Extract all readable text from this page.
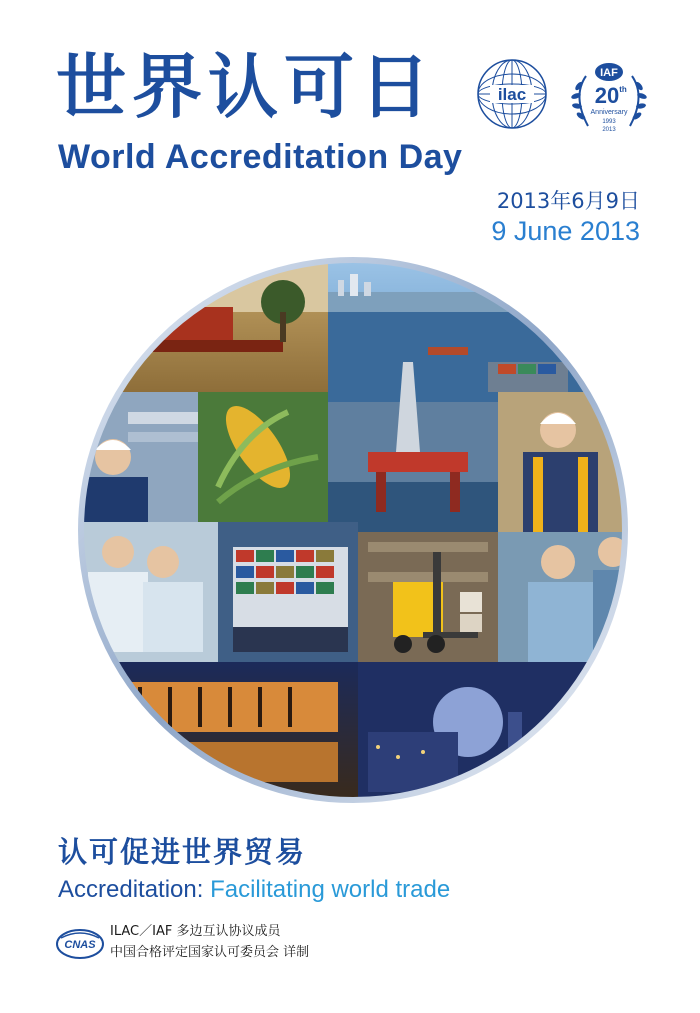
世界认可日
World Accreditation Day
ilac
IAF
20 th
Anniversary
1993
2013
2013年6月9日
9 June 2013
认可促进世界贸易
Accreditation: Facilitating world trade
CNAS
ILAC／IAF 多边互认协议成员
中国合格评定国家认可委员会 详制
